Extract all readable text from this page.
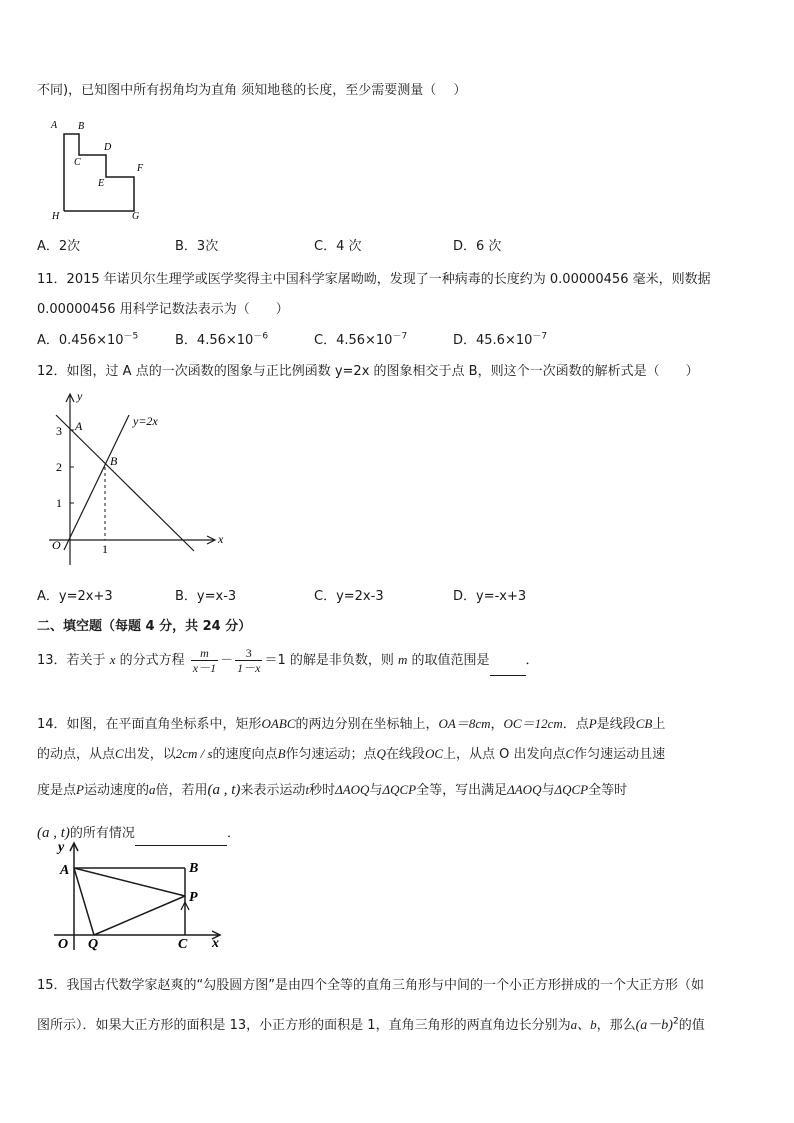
不同)，已知图中所有拐角均为直角 须知地毯的长度，至少需要测量（　 ）
A B
C
D
E
F
H	G
A．2次	B．3次	C．4 次	D．6 次
11．2015 年诺贝尔生理学或医学奖得主中国科学家屠呦呦，发现了一种病毒的长度约为 0.00000456 毫米，则数据
0.00000456 用科学记数法表示为（　　）
A．$0.456\times 10^{-5}$	B．$4.56\times 10^{-6}$	C．$4.56\times 10^{-7}$	D．$45.6\times 10^{-7}$
12．如图，过 A 点的一次函数的图象与正比例函数 y=2x 的图象相交于点 B，则这个一次函数的解析式是（　　）
y
x
O
y=2x
A
B
3
2
1
1
A．y=2x+3	B．y=x-3	C．y=2x-3	D．y=-x+3
二、填空题（每题 4 分，共 24 分）
13．若关于 x 的分式方程 $\frac{m}{x-1} - \frac{3}{1-x} =1$ 的解是非负数，则 m 的取值范围是	．
14．如图，在平面直角坐标系中，矩形OABC的两边分别在坐标轴上，OA＝8cm，OC＝12cm．点P是线段CB上
的动点，从点C出发，以2cm / s的速度向点B作匀速运动；点Q在线段OC上，从点 O 出发向点C作匀速运动且速
度是点P运动速度的a倍，若用(a , t)来表示运动t秒时ΔAOQ与ΔQCP全等，写出满足ΔAOQ与ΔQCP全等时
(a , t)的所有情况	．
y
x
O
A	B
P
Q	C
15．我国古代数学家赵爽的“勾股圆方图”是由四个全等的直角三角形与中间的一个小正方形拼成的一个大正方形（如
图所示）．如果大正方形的面积是 13，小正方形的面积是 1，直角三角形的两直角边长分别为a、b，那么$(a-b)^2$的值
